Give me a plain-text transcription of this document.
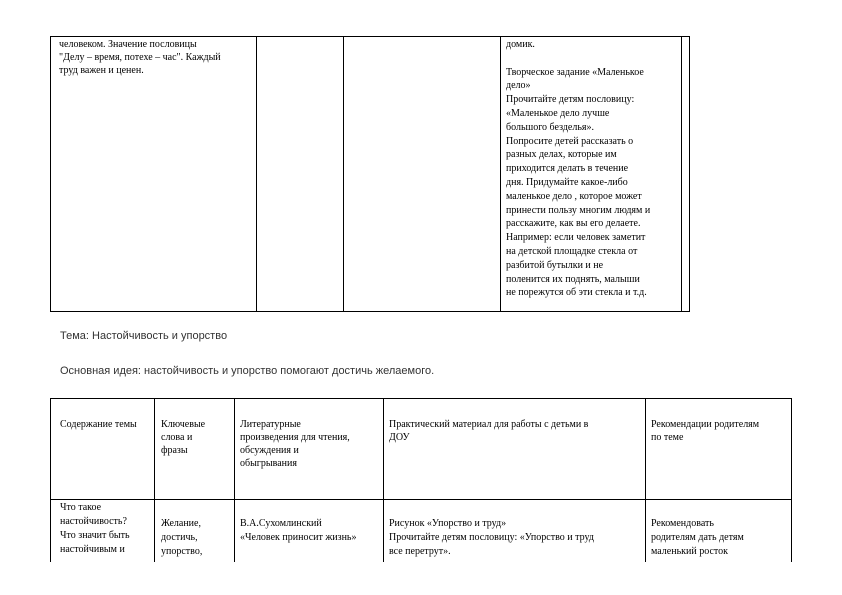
человеком. Значение пословицы
"Делу – время, потехе – час". Каждый
труд важен и ценен.
домик.

Творческое задание «Маленькое
дело»
Прочитайте детям пословицу:
«Маленькое дело лучше
большого безделья».
Попросите детей рассказать о
разных делах, которые им
приходится делать в течение
дня. Придумайте какое-либо
маленькое дело , которое может
принести пользу многим людям и
расскажите, как вы его делаете.
Например: если человек заметит
на детской площадке стекла от
разбитой бутылки и не
поленится их поднять, малыши
не порежутся об эти стекла и т.д.
Тема: Настойчивость и упорство
Основная идея: настойчивость и упорство помогают достичь желаемого.
Содержание темы	Ключевые
слова и
фразы
Литературные
произведения для чтения,
обсуждения и
обыгрывания
Практический материал для работы с детьми в
ДОУ
Рекомендации родителям
по теме
Что такое
настойчивость?
Что значит быть
настойчивым и
Желание,
достичь,
упорство,
В.А.Сухомлинский
«Человек приносит жизнь»
Рисунок «Упорство и труд»
Прочитайте детям пословицу: «Упорство и труд
все перетрут».
Рекомендовать
родителям дать детям
маленький росток
